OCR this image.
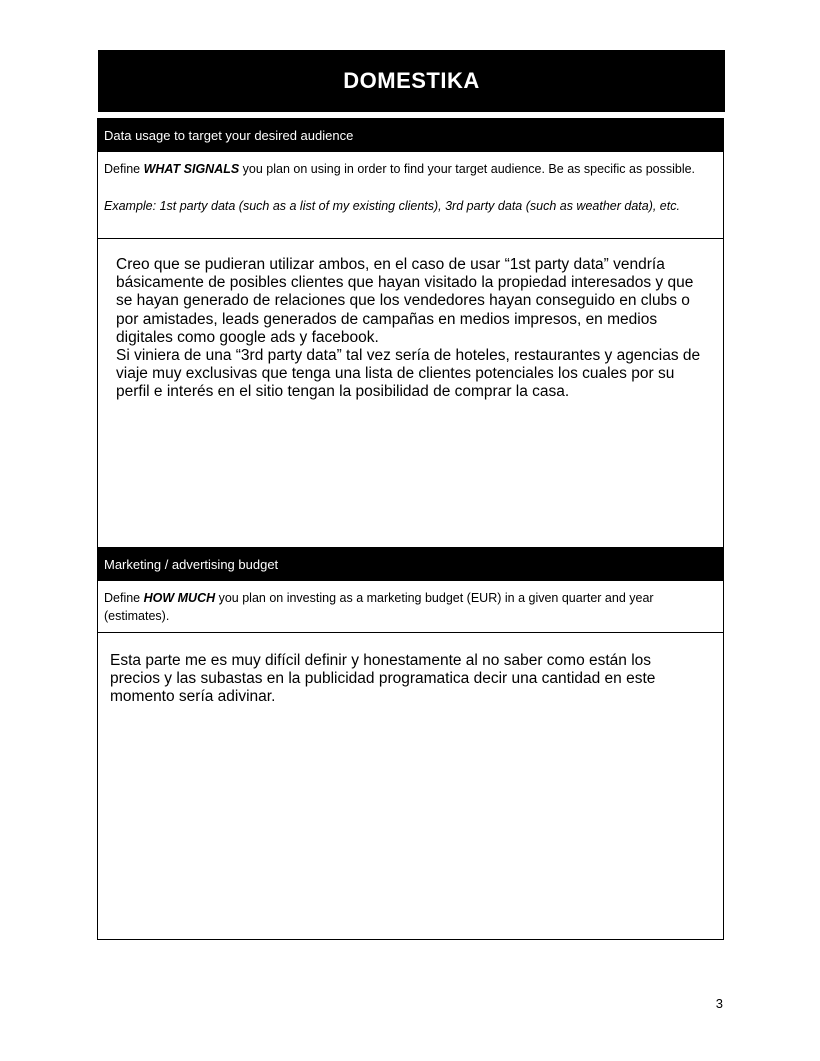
DOMESTIKA
Data usage to target your desired audience
Define WHAT SIGNALS you plan on using in order to find your target audience. Be as specific as possible.
Example: 1st party data (such as a list of my existing clients), 3rd party data (such as weather data), etc.
Creo que se pudieran utilizar ambos, en el caso de usar “1st party data” vendría básicamente de posibles clientes que hayan visitado la propiedad interesados y que se hayan generado de relaciones que los vendedores hayan conseguido en clubs o por amistades, leads generados de campañas en medios impresos, en medios digitales como google ads y facebook.
Si viniera de una “3rd party data” tal vez sería de hoteles, restaurantes y agencias de viaje muy exclusivas que tenga una lista de clientes potenciales los cuales por su perfil e interés en el sitio tengan la posibilidad de comprar la casa.
Marketing / advertising budget
Define HOW MUCH you plan on investing as a marketing budget (EUR) in a given quarter and year (estimates).
Esta parte me es muy difícil definir y honestamente al no saber como están los precios y las subastas en la publicidad programatica decir una cantidad en este momento sería adivinar.
3
